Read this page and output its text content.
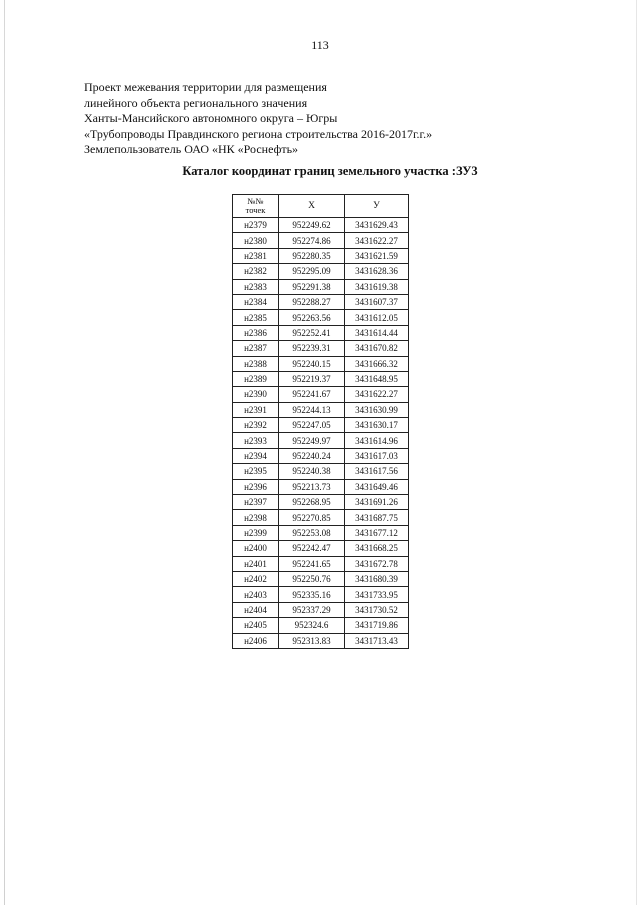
113
Проект межевания территории для размещения
линейного объекта регионального значения
Ханты-Мансийского автономного округа – Югры
«Трубопроводы Правдинского региона строительства 2016-2017г.г.»
Землепользователь ОАО «НК «Роснефть»
Каталог координат границ земельного участка :ЗУ3
№№
точек	X	У
н2379	952249.62	3431629.43
н2380	952274.86	3431622.27
н2381	952280.35	3431621.59
н2382	952295.09	3431628.36
н2383	952291.38	3431619.38
н2384	952288.27	3431607.37
н2385	952263.56	3431612.05
н2386	952252.41	3431614.44
н2387	952239.31	3431670.82
н2388	952240.15	3431666.32
н2389	952219.37	3431648.95
н2390	952241.67	3431622.27
н2391	952244.13	3431630.99
н2392	952247.05	3431630.17
н2393	952249.97	3431614.96
н2394	952240.24	3431617.03
н2395	952240.38	3431617.56
н2396	952213.73	3431649.46
н2397	952268.95	3431691.26
н2398	952270.85	3431687.75
н2399	952253.08	3431677.12
н2400	952242.47	3431668.25
н2401	952241.65	3431672.78
н2402	952250.76	3431680.39
н2403	952335.16	3431733.95
н2404	952337.29	3431730.52
н2405	952324.6	3431719.86
н2406	952313.83	3431713.43
